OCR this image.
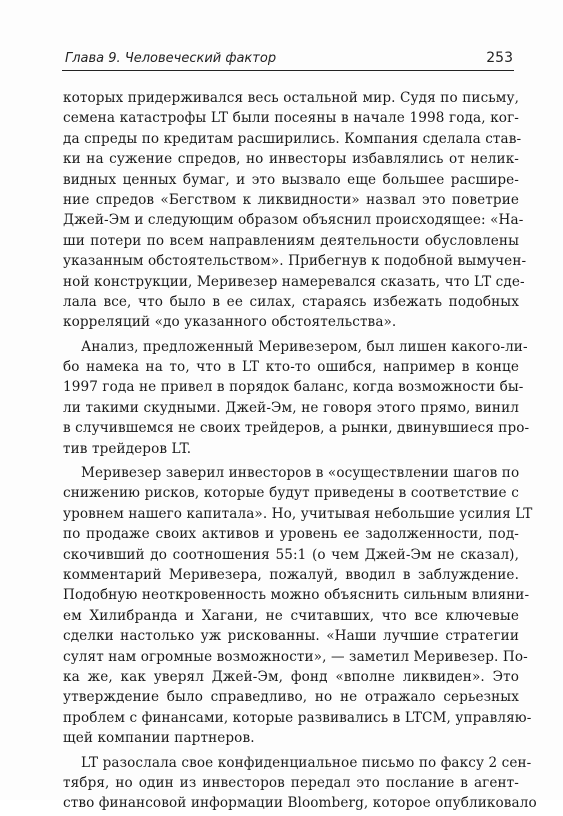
Глава 9. Человеческий фактор	253
которых придерживался весь остальной мир. Судя по письму,
семена катастрофы LT были посеяны в начале 1998 года, ког-
да спреды по кредитам расширились. Компания сделала став-
ки на сужение спредов, но инвесторы избавлялись от нелик-
видных ценных бумаг, и это вызвало еще большее расшире-
ние спредов «Бегством к ликвидности» назвал это поветрие
Джей-Эм и следующим образом объяснил происходящее: «На-
ши потери по всем направлениям деятельности обусловлены
указанным обстоятельством». Прибегнув к подобной вымучен-
ной конструкции, Меривезер намеревался сказать, что LT сде-
лала все, что было в ее силах, стараясь избежать подобных
корреляций «до указанного обстоятельства».
Анализ, предложенный Меривезером, был лишен какого-ли-
бо намека на то, что в LT кто-то ошибся, например в конце
1997 года не привел в порядок баланс, когда возможности бы-
ли такими скудными. Джей-Эм, не говоря этого прямо, винил
в случившемся не своих трейдеров, а рынки, двинувшиеся про-
тив трейдеров LT.
Меривезер заверил инвесторов в «осуществлении шагов по
снижению рисков, которые будут приведены в соответствие с
уровнем нашего капитала». Но, учитывая небольшие усилия LT
по продаже своих активов и уровень ее задолженности, под-
скочивший до соотношения 55:1 (о чем Джей-Эм не сказал),
комментарий Меривезера, пожалуй, вводил в заблуждение.
Подобную неоткровенность можно объяснить сильным влияни-
ем Хилибранда и Хагани, не считавших, что все ключевые
сделки настолько уж рискованны. «Наши лучшие стратегии
сулят нам огромные возможности», — заметил Меривезер. По-
ка же, как уверял Джей-Эм, фонд «вполне ликвиден». Это
утверждение было справедливо, но не отражало серьезных
проблем с финансами, которые развивались в LTCM, управляю-
щей компании партнеров.
LT разослала свое конфиденциальное письмо по факсу 2 сен-
тября, но один из инвесторов передал это послание в агент-
ство финансовой информации Bloomberg, которое опубликовало
